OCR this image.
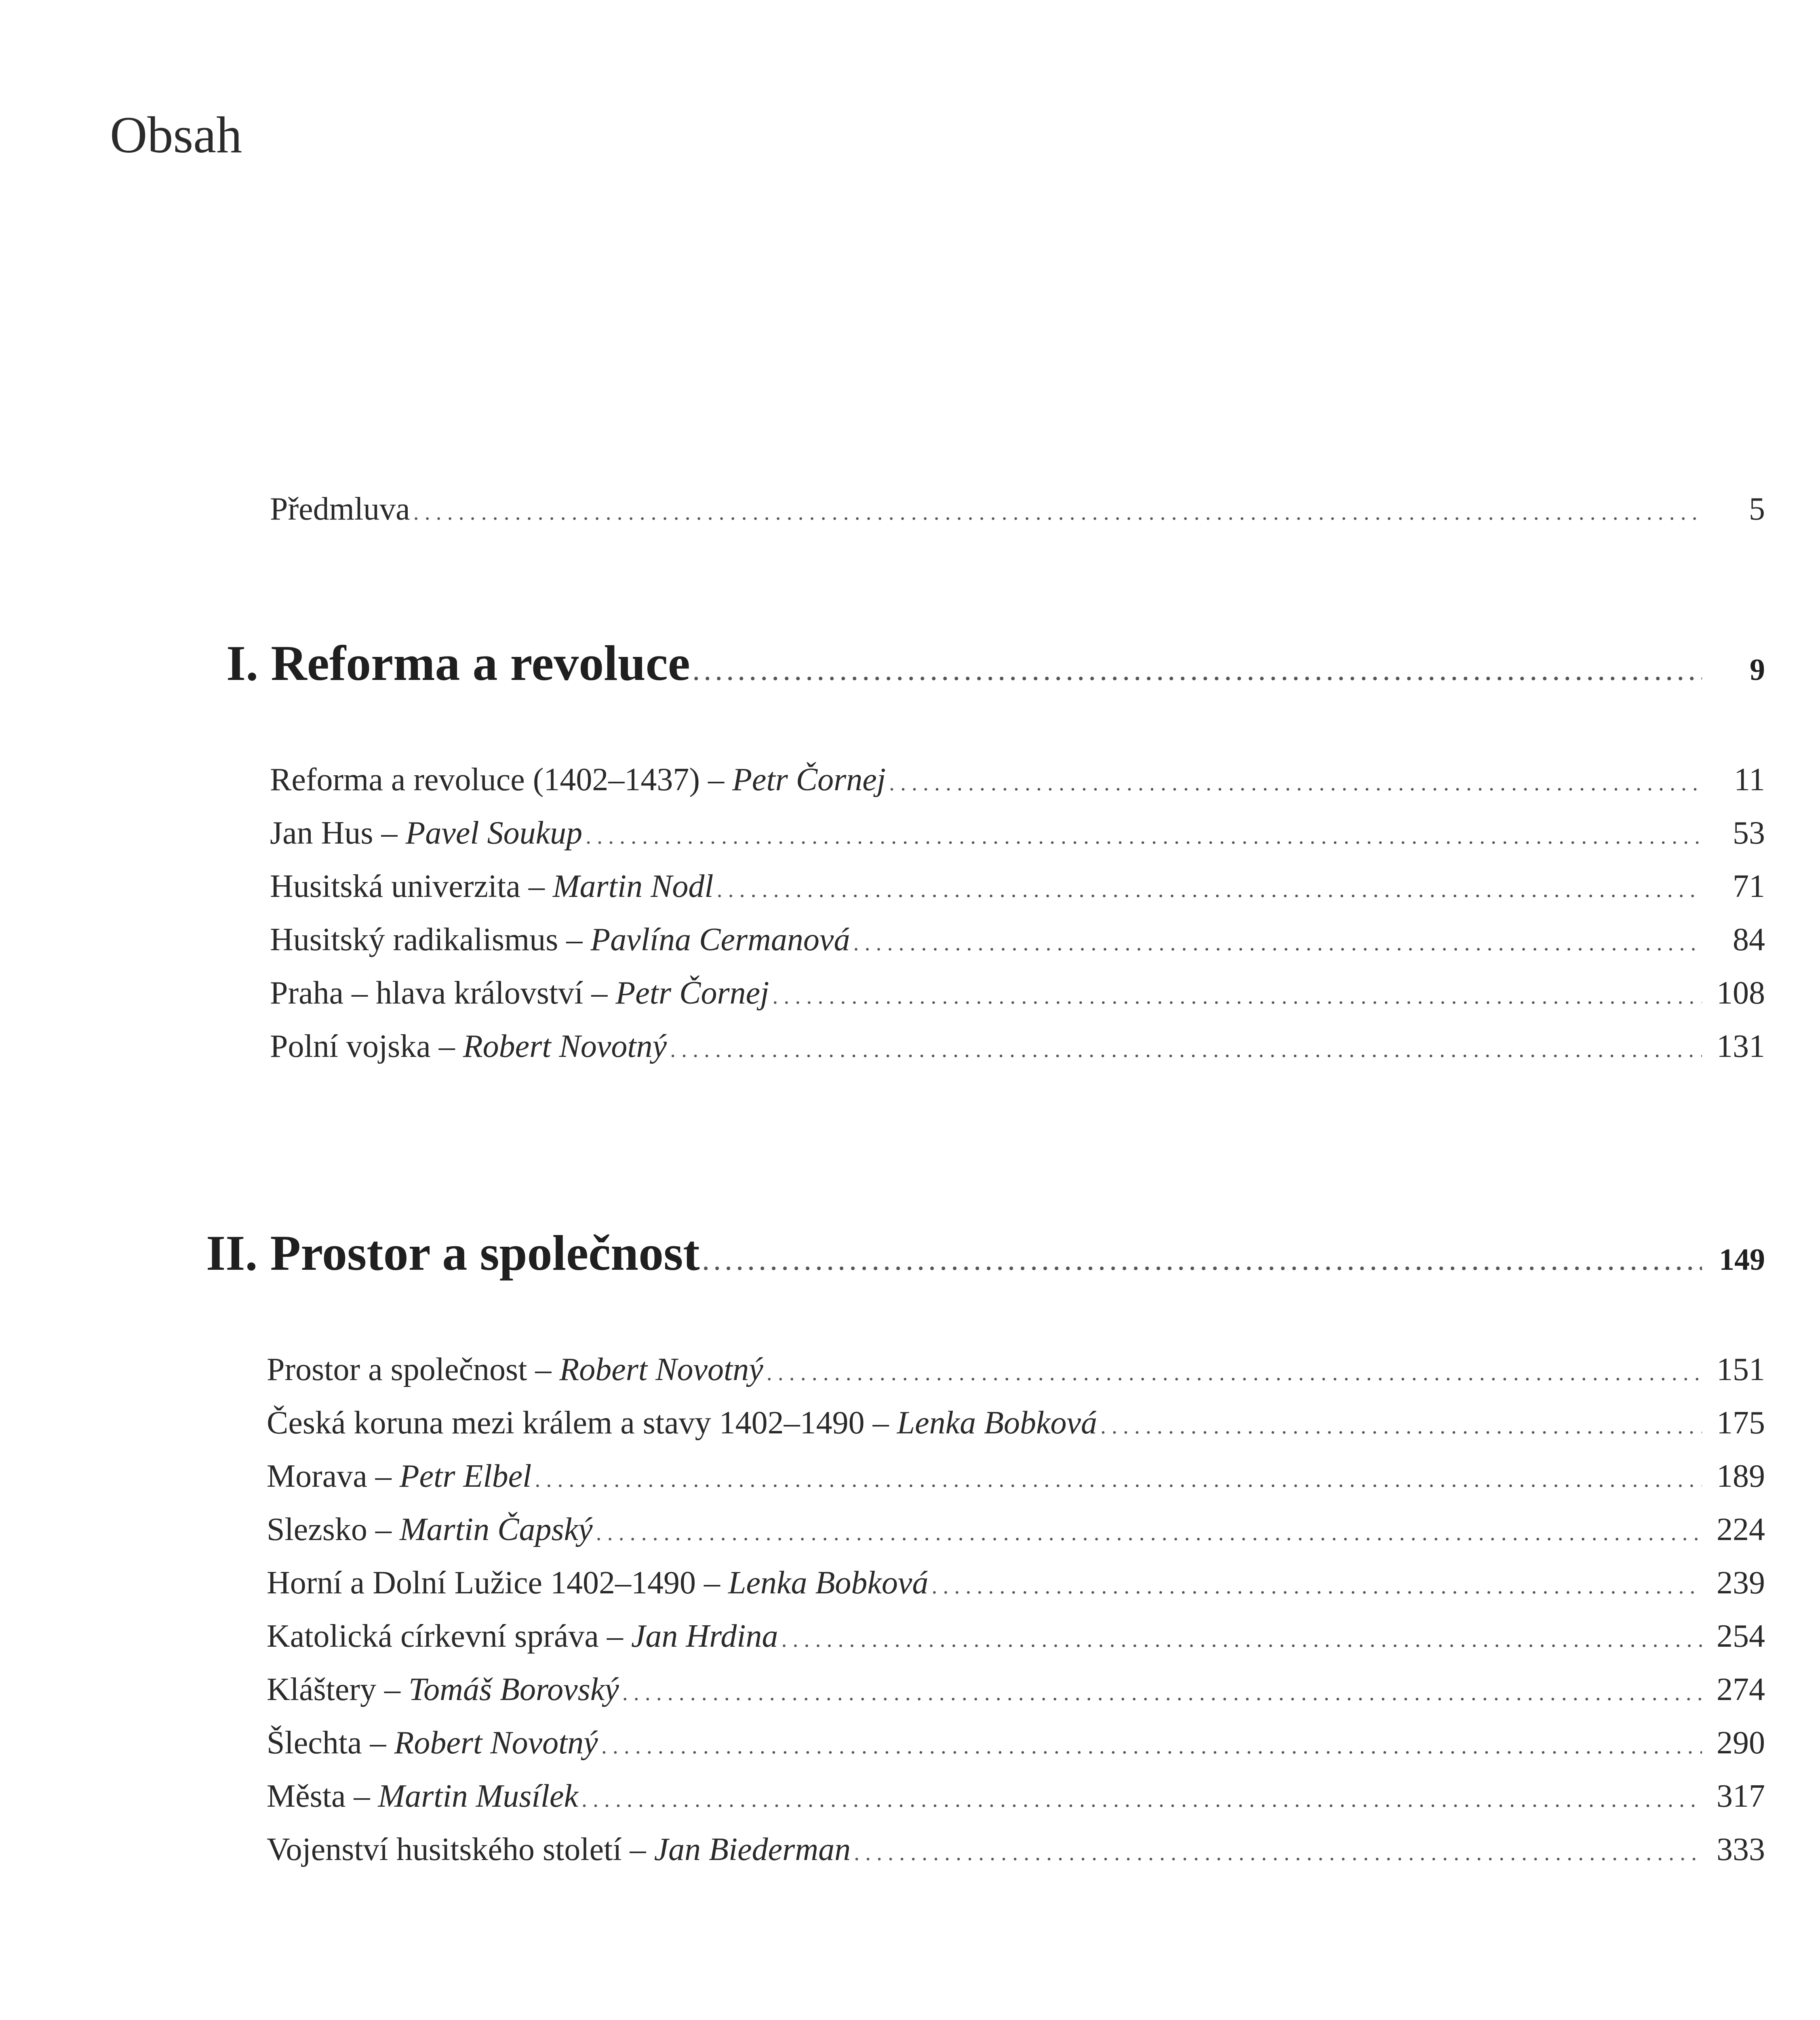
Obsah
Předmluva . . .	5
I. Reforma a revoluce . . .	9
Reforma a revoluce (1402–1437) – Petr Čornej . . .	11
Jan Hus – Pavel Soukup . . .	53
Husitská univerzita – Martin Nodl . . .	71
Husitský radikalismus – Pavlína Cermanová . . .	84
Praha – hlava království – Petr Čornej . . .	108
Polní vojska – Robert Novotný . . .	131
II. Prostor a společnost . . .	149
Prostor a společnost – Robert Novotný . . .	151
Česká koruna mezi králem a stavy 1402–1490 – Lenka Bobková . . .	175
Morava – Petr Elbel . . .	189
Slezsko – Martin Čapský . . .	224
Horní a Dolní Lužice 1402–1490 – Lenka Bobková . . .	239
Katolická církevní správa – Jan Hrdina . . .	254
Kláštery – Tomáš Borovský . . .	274
Šlechta – Robert Novotný . . .	290
Města – Martin Musílek . . .	317
Vojenství husitského století – Jan Biederman . . .	333
